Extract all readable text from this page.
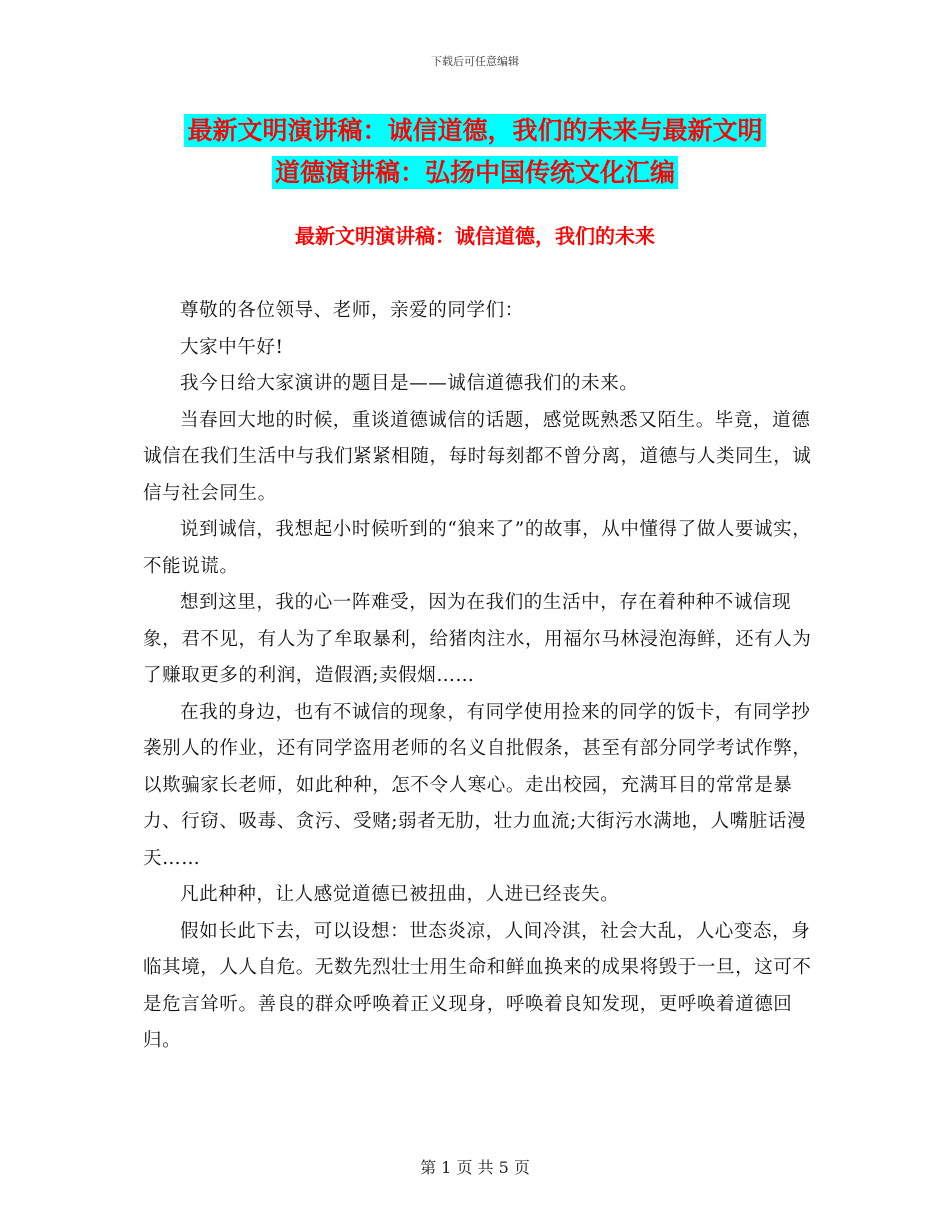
下载后可任意编辑
最新文明演讲稿：诚信道德，我们的未来与最新文明
道德演讲稿：弘扬中国传统文化汇编
最新文明演讲稿：诚信道德，我们的未来

尊敬的各位领导、老师，亲爱的同学们：

大家中午好!

我今日给大家演讲的题目是——诚信道德我们的未来。

当春回大地的时候，重谈道德诚信的话题，感觉既熟悉又陌生。毕竟，道德诚信在我们生活中与我们紧紧相随，每时每刻都不曾分离，道德与人类同生，诚信与社会同生。

说到诚信，我想起小时候听到的“狼来了”的故事，从中懂得了做人要诚实，不能说谎。

想到这里，我的心一阵难受，因为在我们的生活中，存在着种种不诚信现象，君不见，有人为了牟取暴利，给猪肉注水，用福尔马林浸泡海鲜，还有人为了赚取更多的利润，造假酒;卖假烟……

在我的身边，也有不诚信的现象，有同学使用捡来的同学的饭卡，有同学抄袭别人的作业，还有同学盗用老师的名义自批假条，甚至有部分同学考试作弊，以欺骗家长老师，如此种种，怎不令人寒心。走出校园，充满耳目的常常是暴力、行窃、吸毒、贪污、受赌;弱者无肋，壮力血流;大街污水满地，人嘴脏话漫天……

凡此种种，让人感觉道德已被扭曲，人进已经丧失。

假如长此下去，可以设想：世态炎凉，人间冷淇，社会大乱，人心变态，身临其境，人人自危。无数先烈壮士用生命和鲜血换来的成果将毁于一旦，这可不是危言耸听。善良的群众呼唤着正义现身，呼唤着良知发现，更呼唤着道德回归。

第 1 页 共 5 页
